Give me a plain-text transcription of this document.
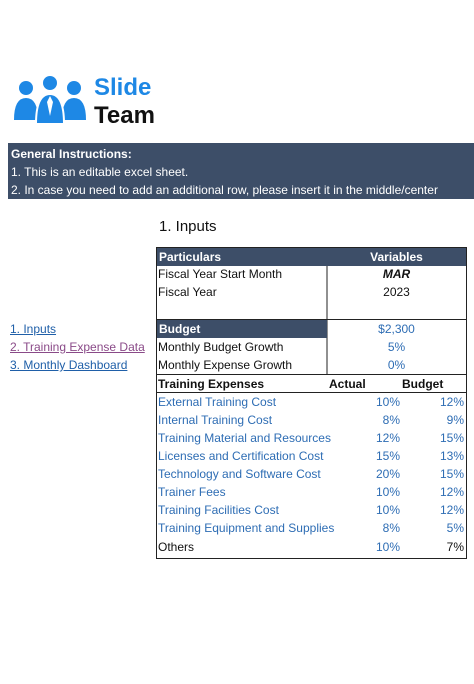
Slide
Team
General Instructions:
1. This is an editable excel sheet.
2. In case you need to add an additional row, please insert it in the middle/center
1. Inputs
1. Inputs
2. Training Expense Data
3. Monthly Dashboard
Particulars	Variables
Fiscal Year Start Month	MAR
Fiscal Year	2023
Budget	$2,300
Monthly Budget Growth	5%
Monthly Expense Growth	0%
Training Expenses	Actual	Budget
External Training Cost	10%	12%
Internal Training Cost	8%	9%
Training Material and Resources	12%	15%
Licenses and Certification Cost	15%	13%
Technology and Software Cost	20%	15%
Trainer Fees	10%	12%
Training Facilities Cost	10%	12%
Training Equipment and Supplies	8%	5%
Others	10%	7%
